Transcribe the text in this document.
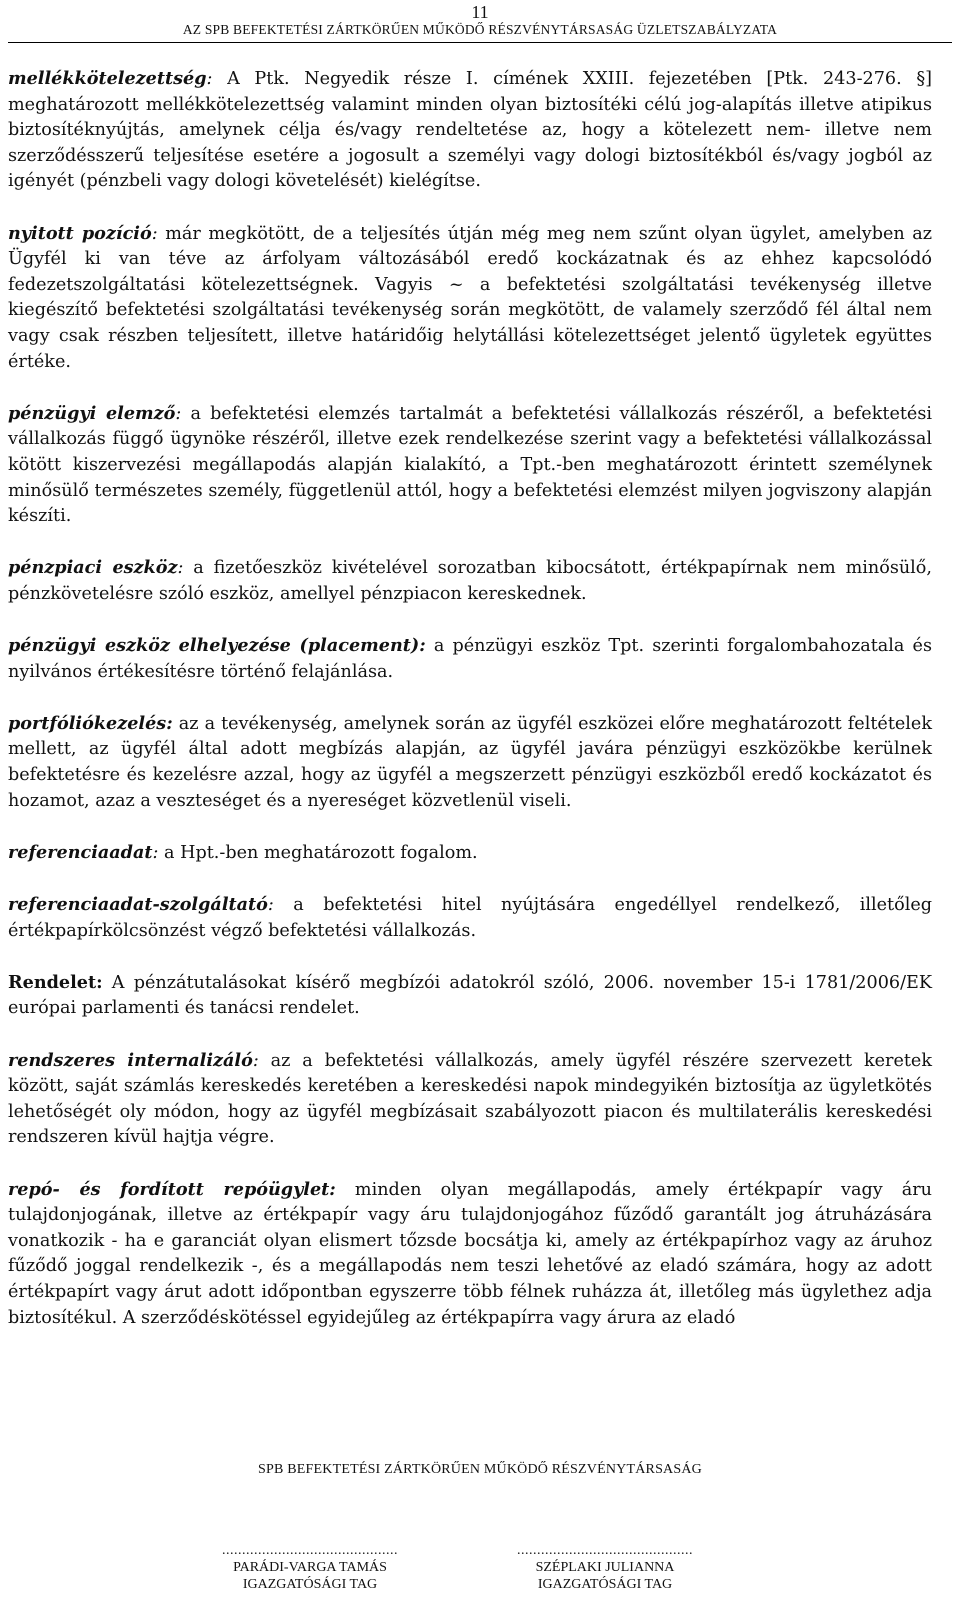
11
AZ SPB BEFEKTETÉSI ZÁRTKÖRŰEN MŰKÖDŐ RÉSZVÉNYTÁRSASÁG ÜZLETSZABÁLYZATA

mellékkötelezettség: A Ptk. Negyedik része I. címének XXIII. fejezetében [Ptk. 243-276. §] meghatározott mellékkötelezettség valamint minden olyan biztosítéki célú jog-alapítás illetve atipikus biztosítéknyújtás, amelynek célja és/vagy rendeltetése az, hogy a kötelezett nem- illetve nem szerződésszerű teljesítése esetére a jogosult a személyi vagy dologi biztosítékból és/vagy jogból az igényét (pénzbeli vagy dologi követelését) kielégítse.

nyitott pozíció: már megkötött, de a teljesítés útján még meg nem szűnt olyan ügylet, amelyben az Ügyfél ki van téve az árfolyam változásából eredő kockázatnak és az ehhez kapcsolódó fedezetszolgáltatási kötelezettségnek. Vagyis ~ a befektetési szolgáltatási tevékenység illetve kiegészítő befektetési szolgáltatási tevékenység során megkötött, de valamely szerződő fél által nem vagy csak részben teljesített, illetve határidőig helytállási kötelezettséget jelentő ügyletek együttes értéke.

pénzügyi elemző: a befektetési elemzés tartalmát a befektetési vállalkozás részéről, a befektetési vállalkozás függő ügynöke részéről, illetve ezek rendelkezése szerint vagy a befektetési vállalkozással kötött kiszervezési megállapodás alapján kialakító, a Tpt.-ben meghatározott érintett személynek minősülő természetes személy, függetlenül attól, hogy a befektetési elemzést milyen jogviszony alapján készíti.

pénzpiaci eszköz: a fizetőeszköz kivételével sorozatban kibocsátott, értékpapírnak nem minősülő, pénzkövetelésre szóló eszköz, amellyel pénzpiacon kereskednek.

pénzügyi eszköz elhelyezése (placement): a pénzügyi eszköz Tpt. szerinti forgalombahozatala és nyilvános értékesítésre történő felajánlása.

portfóliókezelés: az a tevékenység, amelynek során az ügyfél eszközei előre meghatározott feltételek mellett, az ügyfél által adott megbízás alapján, az ügyfél javára pénzügyi eszközökbe kerülnek befektetésre és kezelésre azzal, hogy az ügyfél a megszerzett pénzügyi eszközből eredő kockázatot és hozamot, azaz a veszteséget és a nyereséget közvetlenül viseli.

referenciaadat: a Hpt.-ben meghatározott fogalom.

referenciaadat-szolgáltató: a befektetési hitel nyújtására engedéllyel rendelkező, illetőleg értékpapírkölcsönzést végző befektetési vállalkozás.

Rendelet: A pénzátutalásokat kísérő megbízói adatokról szóló, 2006. november 15-i 1781/2006/EK európai parlamenti és tanácsi rendelet.

rendszeres internalizáló: az a befektetési vállalkozás, amely ügyfél részére szervezett keretek között, saját számlás kereskedés keretében a kereskedési napok mindegyikén biztosítja az ügyletkötés lehetőségét oly módon, hogy az ügyfél megbízásait szabályozott piacon és multilaterális kereskedési rendszeren kívül hajtja végre.

repó- és fordított repóügylet: minden olyan megállapodás, amely értékpapír vagy áru tulajdonjogának, illetve az értékpapír vagy áru tulajdonjogához fűződő garantált jog átruházására vonatkozik - ha e garanciát olyan elismert tőzsde bocsátja ki, amely az értékpapírhoz vagy az áruhoz fűződő joggal rendelkezik -, és a megállapodás nem teszi lehetővé az eladó számára, hogy az adott értékpapírt vagy árut adott időpontban egyszerre több félnek ruházza át, illetőleg más ügylethez adja biztosítékul. A szerződéskötéssel egyidejűleg az értékpapírra vagy árura az eladó

SPB BEFEKTETÉSI ZÁRTKÖRŰEN MŰKÖDŐ RÉSZVÉNYTÁRSASÁG
............................................
PARÁDI-VARGA TAMÁS
IGAZGATÓSÁGI TAG
............................................
SZÉPLAKI JULIANNA
IGAZGATÓSÁGI TAG
